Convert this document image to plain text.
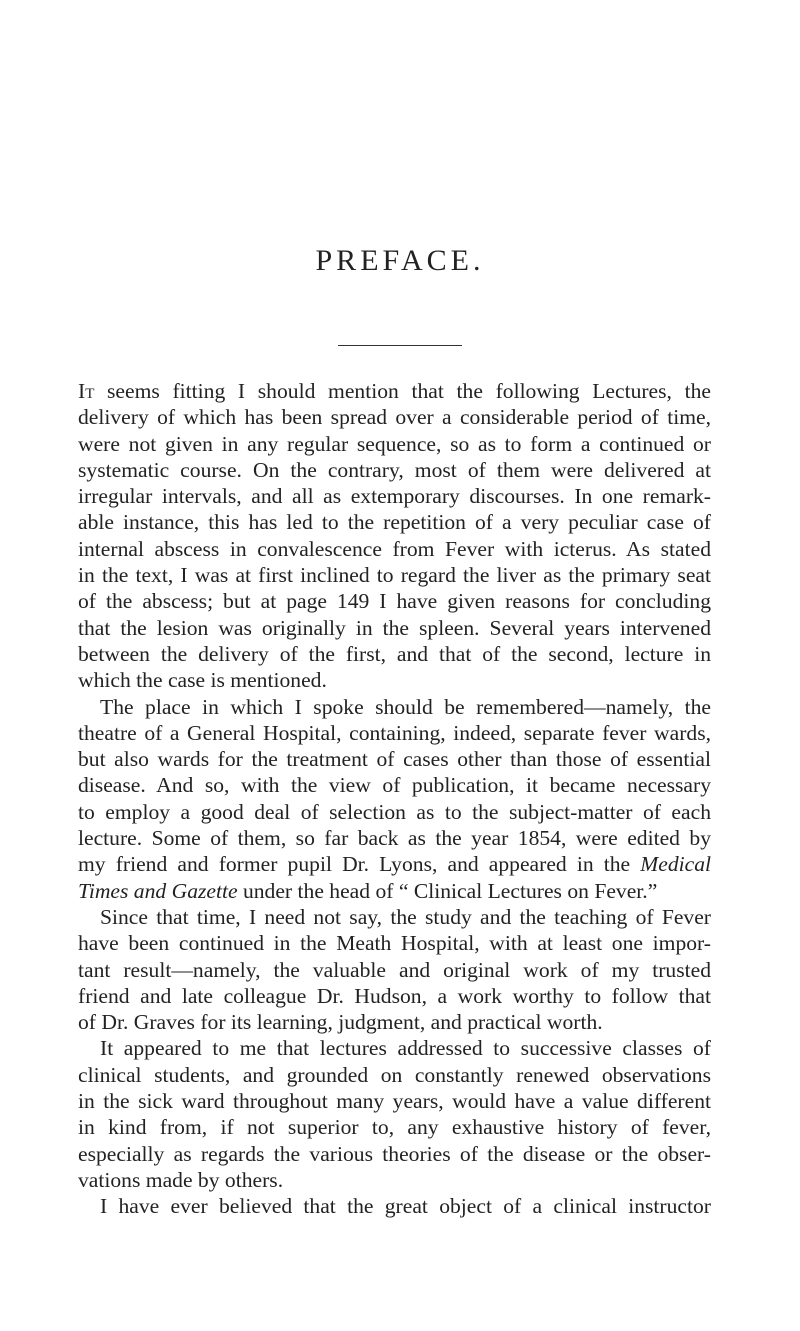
PREFACE.
It seems fitting I should mention that the following Lectures, the
delivery of which has been spread over a considerable period of time,
were not given in any regular sequence, so as to form a continued or
systematic course. On the contrary, most of them were delivered at
irregular intervals, and all as extemporary discourses. In one remark-
able instance, this has led to the repetition of a very peculiar case of
internal abscess in convalescence from Fever with icterus. As stated
in the text, I was at first inclined to regard the liver as the primary seat
of the abscess; but at page 149 I have given reasons for concluding
that the lesion was originally in the spleen. Several years intervened
between the delivery of the first, and that of the second, lecture in
which the case is mentioned.
The place in which I spoke should be remembered—namely, the
theatre of a General Hospital, containing, indeed, separate fever wards,
but also wards for the treatment of cases other than those of essential
disease. And so, with the view of publication, it became necessary
to employ a good deal of selection as to the subject-matter of each
lecture. Some of them, so far back as the year 1854, were edited by
my friend and former pupil Dr. Lyons, and appeared in the Medical
Times and Gazette under the head of “ Clinical Lectures on Fever.”
Since that time, I need not say, the study and the teaching of Fever
have been continued in the Meath Hospital, with at least one impor-
tant result—namely, the valuable and original work of my trusted
friend and late colleague Dr. Hudson, a work worthy to follow that
of Dr. Graves for its learning, judgment, and practical worth.
It appeared to me that lectures addressed to successive classes of
clinical students, and grounded on constantly renewed observations
in the sick ward throughout many years, would have a value different
in kind from, if not superior to, any exhaustive history of fever,
especially as regards the various theories of the disease or the obser-
vations made by others.
I have ever believed that the great object of a clinical instructor
